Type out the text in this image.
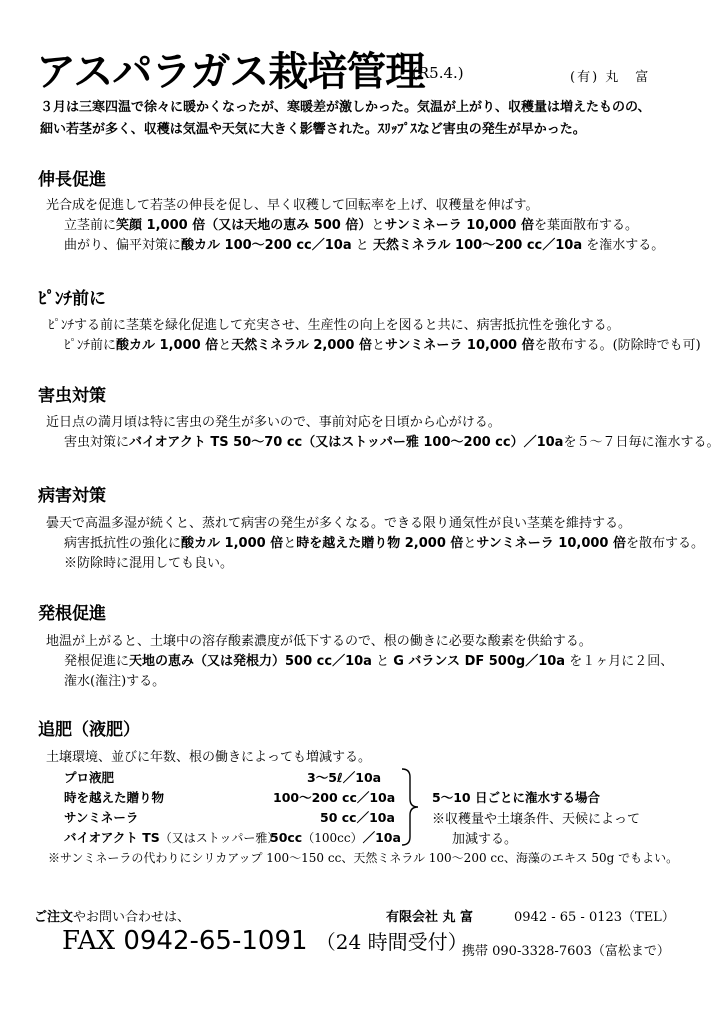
アスパラガス栽培管理
(R5.4.)	(有) 丸　富
３月は三寒四温で徐々に暖かくなったが、寒暖差が激しかった。気温が上がり、収穫量は増えたものの、
細い若茎が多く、収穫は気温や天気に大きく影響された。ｽﾘｯﾌﾟｽなど害虫の発生が早かった。
伸長促進
光合成を促進して若茎の伸長を促し、早く収穫して回転率を上げ、収穫量を伸ばす。
立茎前に笑顔 1,000 倍（又は天地の恵み 500 倍）とサンミネーラ 10,000 倍を葉面散布する。
曲がり、偏平対策に酸カル 100～200 cc／10a と 天然ミネラル 100～200 cc／10a を潅水する。
ﾋﾟﾝﾁ前に
ﾋﾟﾝﾁする前に茎葉を緑化促進して充実させ、生産性の向上を図ると共に、病害抵抗性を強化する。
ﾋﾟﾝﾁ前に酸カル 1,000 倍と天然ミネラル 2,000 倍とサンミネーラ 10,000 倍を散布する。(防除時でも可)
害虫対策
近日点の満月頃は特に害虫の発生が多いので、事前対応を日頃から心がける。
害虫対策にバイオアクト TS 50～70 cc（又はストッパー雅 100～200 cc）／10aを５～７日毎に潅水する。
病害対策
曇天で高温多湿が続くと、蒸れて病害の発生が多くなる。できる限り通気性が良い茎葉を維持する。
病害抵抗性の強化に酸カル 1,000 倍と時を越えた贈り物 2,000 倍とサンミネーラ 10,000 倍を散布する。
※防除時に混用しても良い。
発根促進
地温が上がると、土壌中の溶存酸素濃度が低下するので、根の働きに必要な酸素を供給する。
発根促進に天地の恵み（又は発根力）500 cc／10a と G バランス DF 500g／10a を１ヶ月に２回、
潅水(潅注)する。
追肥（液肥）
土壌環境、並びに年数、根の働きによっても増減する。
プロ液肥	3～5ℓ／10a
時を越えた贈り物	100～200 cc／10a
サンミネーラ	50 cc／10a
バイオアクト TS（又はストッパー雅）
50cc（100cc）／10a
5～10 日ごとに潅水する場合
※収穫量や土壌条件、天候によって
加減する。
※サンミネーラの代わりにシリカアップ 100～150 cc、天然ミネラル 100～200 cc、海藻のエキス 50g でもよい。
ご注文やお問い合わせは、	有限会社 丸 富	0942 - 65 - 0123（TEL）
FAX 0942-65-1091 （24 時間受付）
携帯 090-3328-7603（富松まで）
